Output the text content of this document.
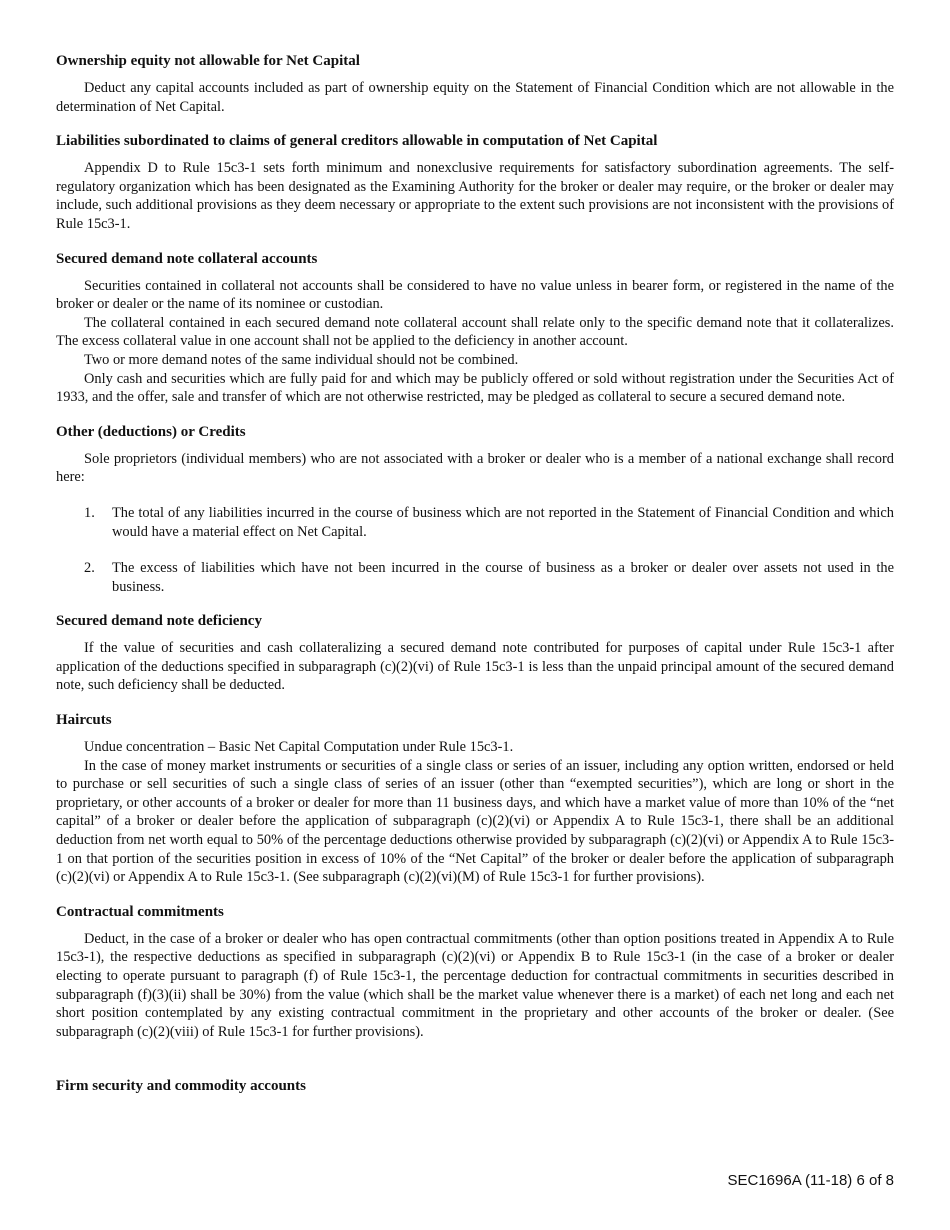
Ownership equity not allowable for Net Capital

Deduct any capital accounts included as part of ownership equity on the Statement of Financial Condition which are not allowable in the determination of Net Capital.

Liabilities subordinated to claims of general creditors allowable in computation of Net Capital

Appendix D to Rule 15c3-1 sets forth minimum and nonexclusive requirements for satisfactory subordination agreements. The self-regulatory organization which has been designated as the Examining Authority for the broker or dealer may require, or the broker or dealer may include, such additional provisions as they deem necessary or appropriate to the extent such provisions are not inconsistent with the provisions of Rule 15c3-1.

Secured demand note collateral accounts

Securities contained in collateral not accounts shall be considered to have no value unless in bearer form, or registered in the name of the broker or dealer or the name of its nominee or custodian.

The collateral contained in each secured demand note collateral account shall relate only to the specific demand note that it collateralizes. The excess collateral value in one account shall not be applied to the deficiency in another account.

Two or more demand notes of the same individual should not be combined.

Only cash and securities which are fully paid for and which may be publicly offered or sold without registration under the Securities Act of 1933, and the offer, sale and transfer of which are not otherwise restricted, may be pledged as collateral to secure a secured demand note.

Other (deductions) or Credits

Sole proprietors (individual members) who are not associated with a broker or dealer who is a member of a national exchange shall record here:

1. The total of any liabilities incurred in the course of business which are not reported in the Statement of Financial Condition and which would have a material effect on Net Capital.
2. The excess of liabilities which have not been incurred in the course of business as a broker or dealer over assets not used in the business.
Secured demand note deficiency

If the value of securities and cash collateralizing a secured demand note contributed for purposes of capital under Rule 15c3-1 after application of the deductions specified in subparagraph (c)(2)(vi) of Rule 15c3-1 is less than the unpaid principal amount of the secured demand note, such deficiency shall be deducted.

Haircuts

Undue concentration – Basic Net Capital Computation under Rule 15c3-1.

In the case of money market instruments or securities of a single class or series of an issuer, including any option written, endorsed or held to purchase or sell securities of such a single class of series of an issuer (other than “exempted securities”), which are long or short in the proprietary, or other accounts of a broker or dealer for more than 11 business days, and which have a market value of more than 10% of the “net capital” of a broker or dealer before the application of subparagraph (c)(2)(vi) or Appendix A to Rule 15c3-1, there shall be an additional deduction from net worth equal to 50% of the percentage deductions otherwise provided by subparagraph (c)(2)(vi) or Appendix A to Rule 15c3-1 on that portion of the securities position in excess of 10% of the “Net Capital” of the broker or dealer before the application of subparagraph (c)(2)(vi) or Appendix A to Rule 15c3-1. (See subparagraph (c)(2)(vi)(M) of Rule 15c3-1 for further provisions).

Contractual commitments

Deduct, in the case of a broker or dealer who has open contractual commitments (other than option positions treated in Appendix A to Rule 15c3-1), the respective deductions as specified in subparagraph (c)(2)(vi) or Appendix B to Rule 15c3-1 (in the case of a broker or dealer electing to operate pursuant to paragraph (f) of Rule 15c3-1, the percentage deduction for contractual commitments in securities described in subparagraph (f)(3)(ii) shall be 30%) from the value (which shall be the market value whenever there is a market) of each net long and each net short position contemplated by any existing contractual commitment in the proprietary and other accounts of the broker or dealer. (See subparagraph (c)(2)(viii) of Rule 15c3-1 for further provisions).

Firm security and commodity accounts
SEC1696A (11-18) 6 of 8
